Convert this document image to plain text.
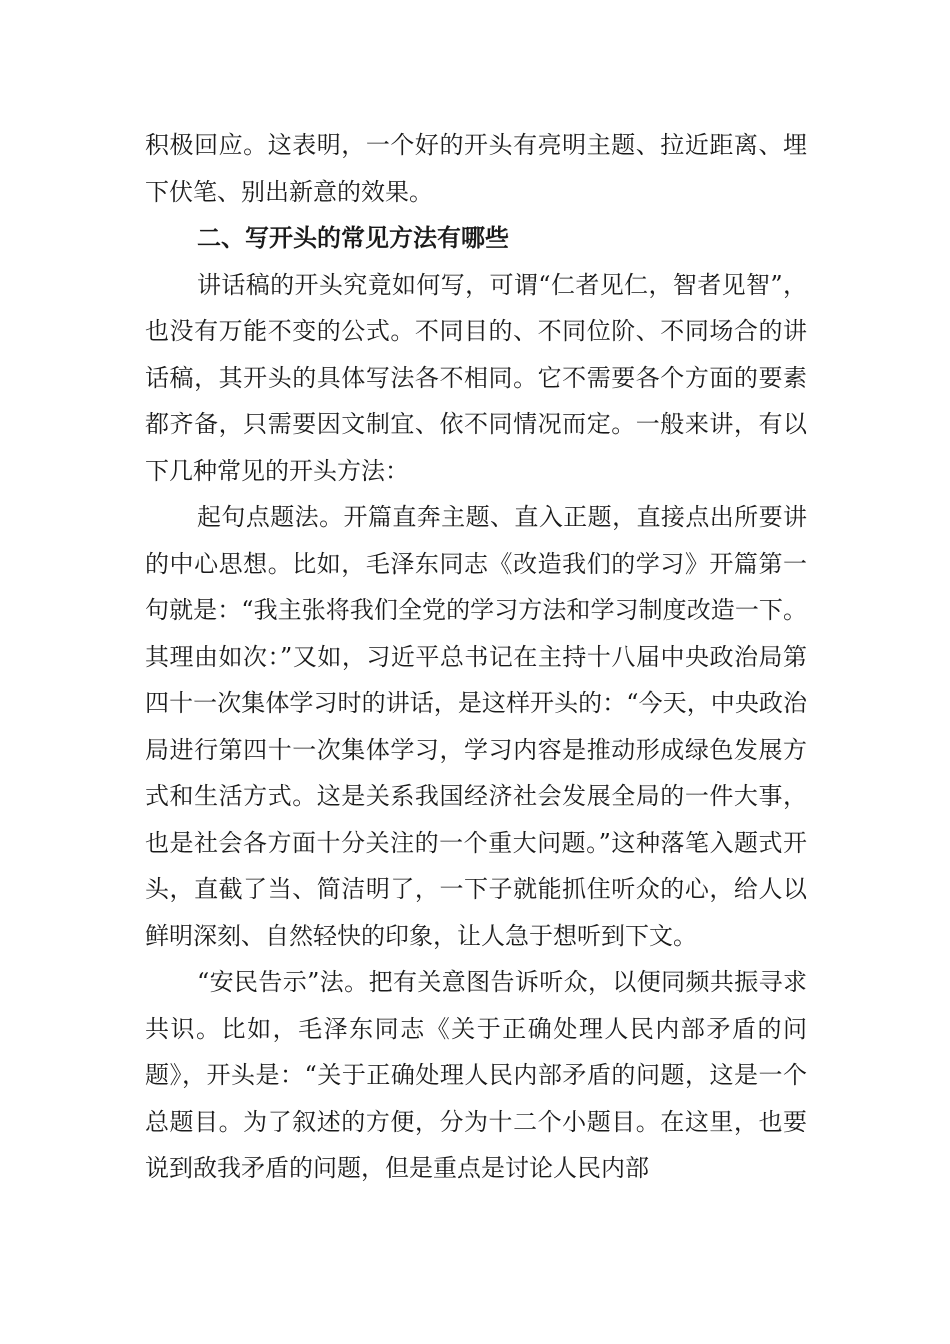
积极回应。这表明，一个好的开头有亮明主题、拉近距离、埋下伏笔、别出新意的效果。

二、写开头的常见方法有哪些

讲话稿的开头究竟如何写，可谓“仁者见仁，智者见智”，也没有万能不变的公式。不同目的、不同位阶、不同场合的讲话稿，其开头的具体写法各不相同。它不需要各个方面的要素都齐备，只需要因文制宜、依不同情况而定。一般来讲，有以下几种常见的开头方法：

起句点题法。开篇直奔主题、直入正题，直接点出所要讲的中心思想。比如，毛泽东同志《改造我们的学习》开篇第一句就是：“我主张将我们全党的学习方法和学习制度改造一下。其理由如次：”又如，习近平总书记在主持十八届中央政治局第四十一次集体学习时的讲话，是这样开头的：“今天，中央政治局进行第四十一次集体学习，学习内容是推动形成绿色发展方式和生活方式。这是关系我国经济社会发展全局的一件大事，也是社会各方面十分关注的一个重大问题。”这种落笔入题式开头，直截了当、简洁明了，一下子就能抓住听众的心，给人以鲜明深刻、自然轻快的印象，让人急于想听到下文。

“安民告示”法。把有关意图告诉听众，以便同频共振寻求共识。比如，毛泽东同志《关于正确处理人民内部矛盾的问题》，开头是：“关于正确处理人民内部矛盾的问题，这是一个总题目。为了叙述的方便，分为十二个小题目。在这里，也要说到敌我矛盾的问题，但是重点是讨论人民内部
